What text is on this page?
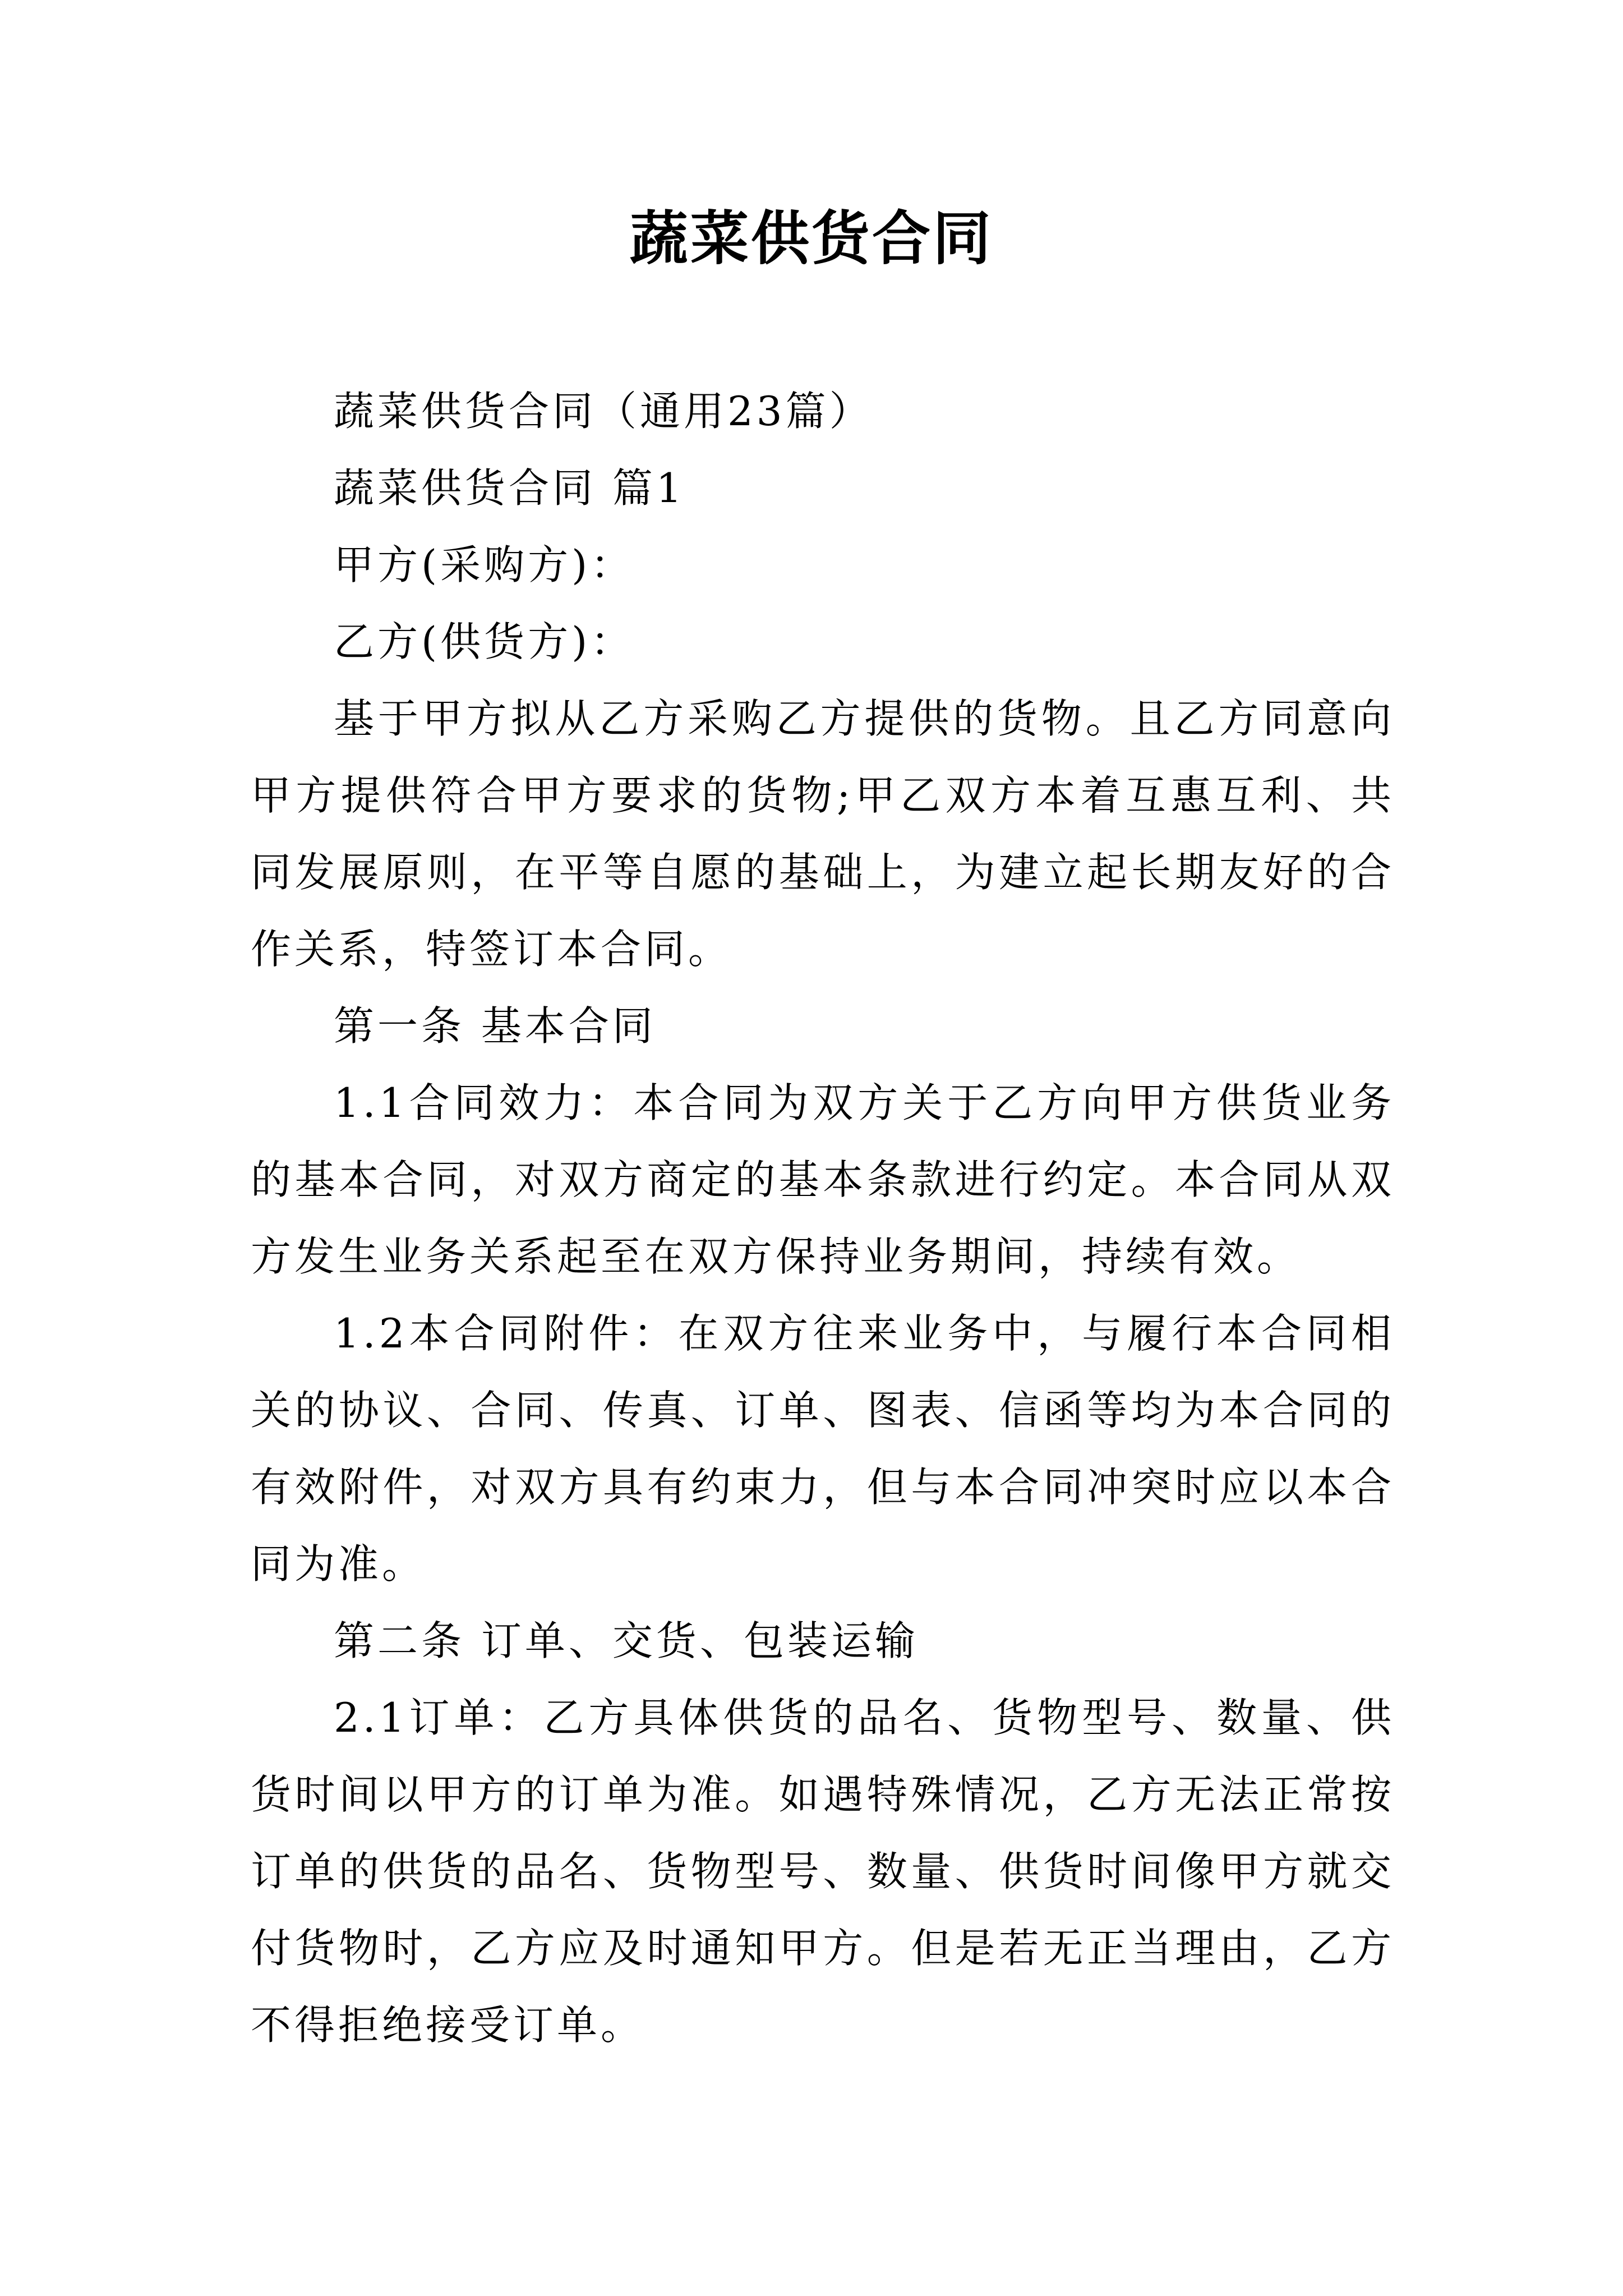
蔬菜供货合同

蔬菜供货合同（通用23篇）

蔬菜供货合同 篇1

甲方(采购方)：

乙方(供货方)：

基于甲方拟从乙方采购乙方提供的货物。且乙方同意向甲方提供符合甲方要求的货物;甲乙双方本着互惠互利、共同发展原则，在平等自愿的基础上，为建立起长期友好的合作关系，特签订本合同。

第一条 基本合同

1.1合同效力：本合同为双方关于乙方向甲方供货业务的基本合同，对双方商定的基本条款进行约定。本合同从双方发生业务关系起至在双方保持业务期间，持续有效。

1.2本合同附件：在双方往来业务中，与履行本合同相关的协议、合同、传真、订单、图表、信函等均为本合同的有效附件，对双方具有约束力，但与本合同冲突时应以本合同为准。

第二条 订单、交货、包装运输

2.1订单：乙方具体供货的品名、货物型号、数量、供货时间以甲方的订单为准。如遇特殊情况，乙方无法正常按订单的供货的品名、货物型号、数量、供货时间像甲方就交付货物时，乙方应及时通知甲方。但是若无正当理由，乙方不得拒绝接受订单。
